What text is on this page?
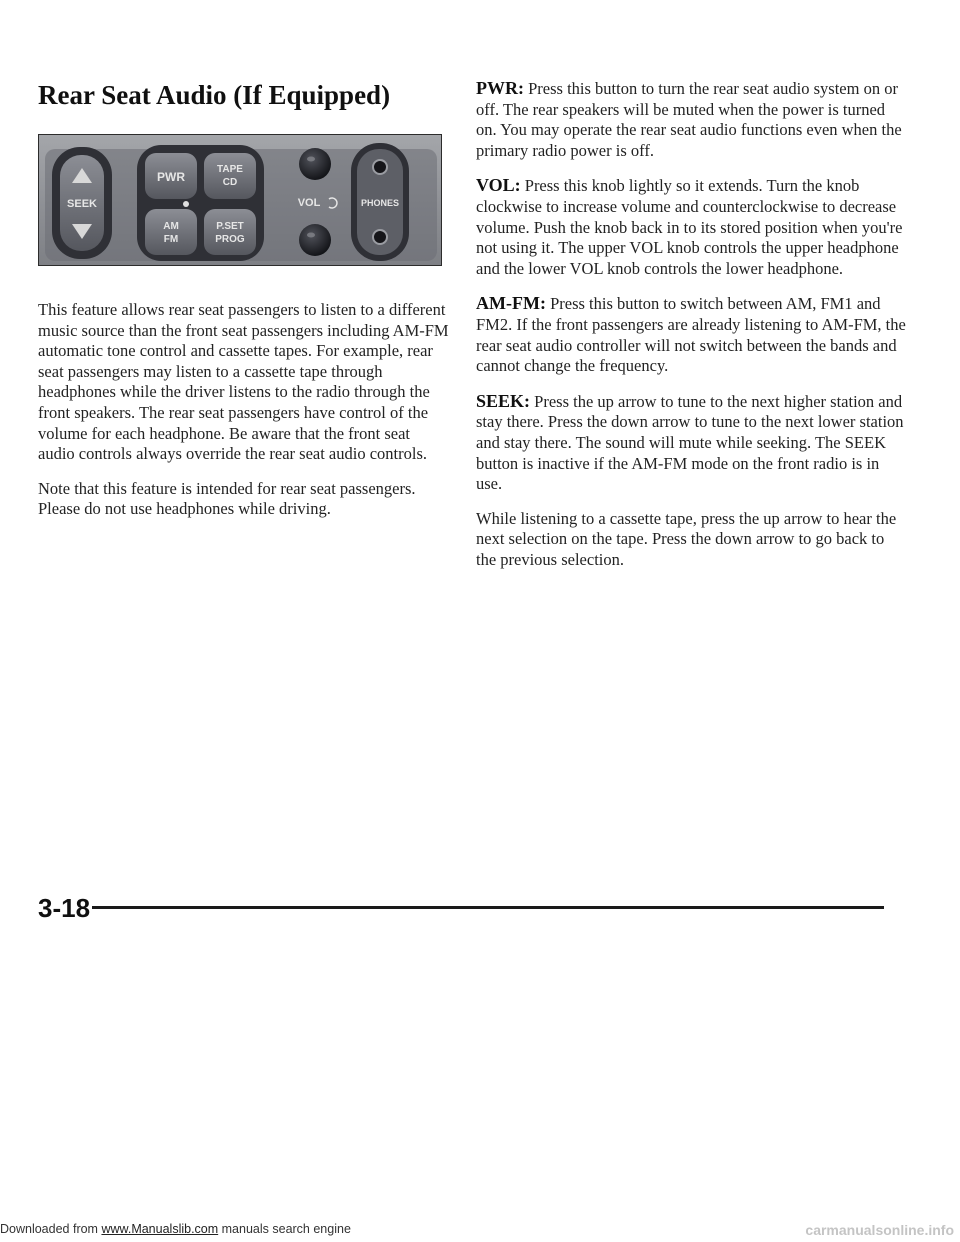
Rear Seat Audio (If Equipped)
SEEK
PWR
TAPE
CD
AM
FM
P.SET
PROG
VOL	PHONES

This feature allows rear seat passengers to listen to a different music source than the front seat passengers including AM-FM automatic tone control and cassette tapes. For example, rear seat passengers may listen to a cassette tape through headphones while the driver listens to the radio through the front speakers. The rear seat passengers have control of the volume for each headphone. Be aware that the front seat audio controls always override the rear seat audio controls.

Note that this feature is intended for rear seat passengers. Please do not use headphones while driving.

PWR: Press this button to turn the rear seat audio system on or off. The rear speakers will be muted when the power is turned on. You may operate the rear seat audio functions even when the primary radio power is off.

VOL: Press this knob lightly so it extends. Turn the knob clockwise to increase volume and counterclockwise to decrease volume. Push the knob back in to its stored position when you're not using it. The upper VOL knob controls the upper headphone and the lower VOL knob controls the lower headphone.

AM-FM: Press this button to switch between AM, FM1 and FM2. If the front passengers are already listening to AM-FM, the rear seat audio controller will not switch between the bands and cannot change the frequency.

SEEK: Press the up arrow to tune to the next higher station and stay there. Press the down arrow to tune to the next lower station and stay there. The sound will mute while seeking. The SEEK button is inactive if the AM-FM mode on the front radio is in use.

While listening to a cassette tape, press the up arrow to hear the next selection on the tape. Press the down arrow to go back to the previous selection.

3-18

Downloaded from www.Manualslib.com manuals search engine	carmanualsonline.info
